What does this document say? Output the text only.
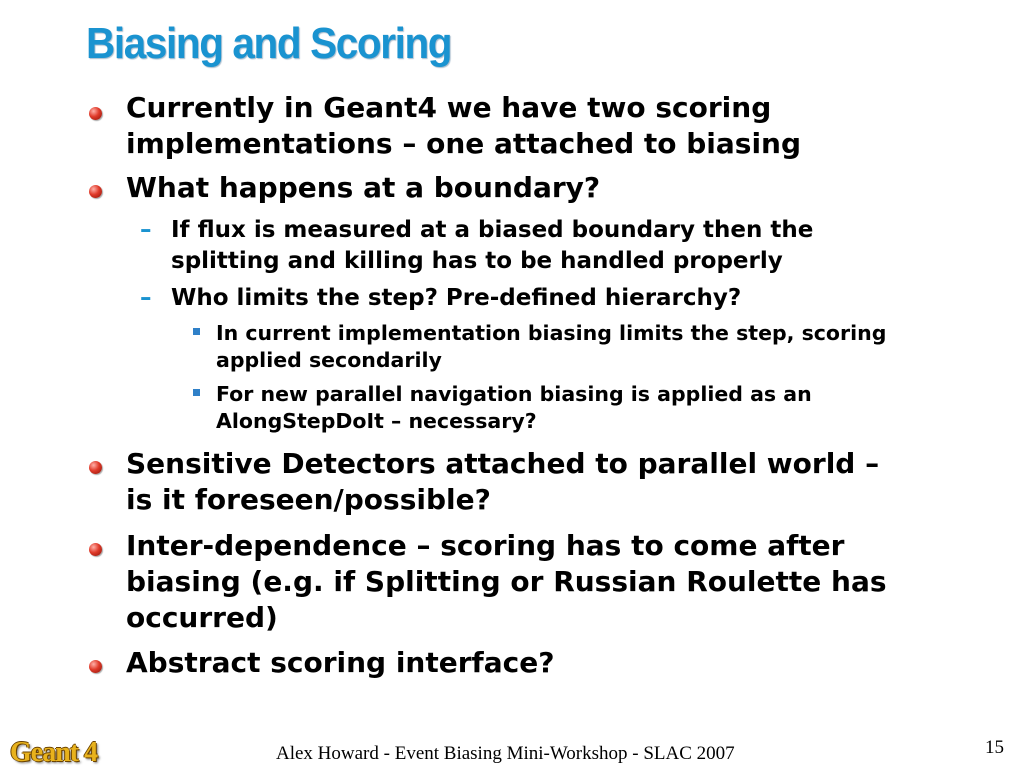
Biasing and Scoring
Currently in Geant4 we have two scoring
implementations – one attached to biasing
What happens at a boundary?
– If flux is measured at a biased boundary then the
splitting and killing has to be handled properly
– Who limits the step? Pre-defined hierarchy?
In current implementation biasing limits the step, scoring
applied secondarily
For new parallel navigation biasing is applied as an
AlongStepDoIt – necessary?
Sensitive Detectors attached to parallel world –
is it foreseen/possible?
Inter-dependence – scoring has to come after
biasing (e.g. if Splitting or Russian Roulette has
occurred)
Abstract scoring interface?
Geant 4	Alex Howard - Event Biasing Mini-Workshop - SLAC 2007	15
